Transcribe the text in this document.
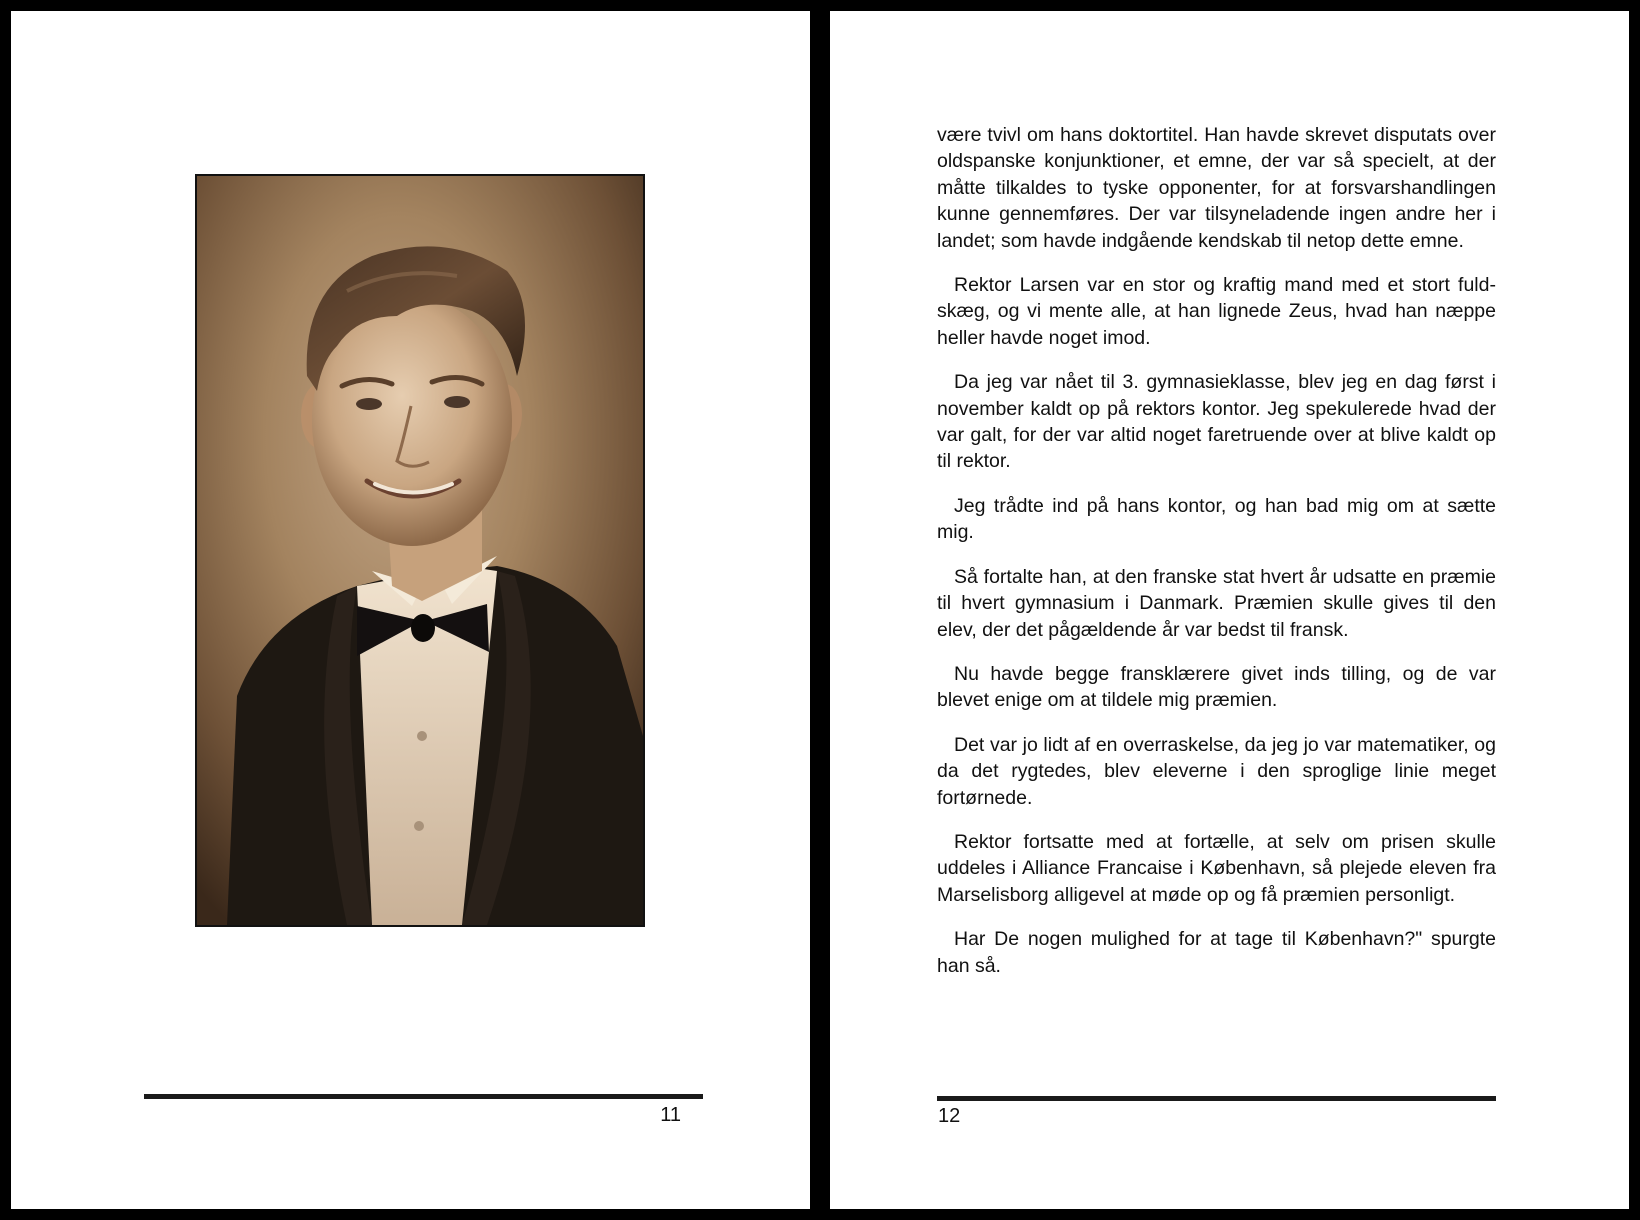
11

være tvivl om hans doktortitel. Han havde skrevet disputats over oldspanske konjunktioner, et emne, der var så specielt, at der måtte tilkaldes to tyske opponenter, for at forsvarshandlingen kunne gennemføres. Der var tilsyneladende ingen andre her i landet; som havde indgående kendskab til netop dette emne.

Rektor Larsen var en stor og kraftig mand med et stort fuldskæg, og vi mente alle, at han lignede Zeus, hvad han næppe heller havde noget imod.

Da jeg var nået til 3. gymnasieklasse, blev jeg en dag først i november kaldt op på rektors kontor. Jeg spekulerede hvad der var galt, for der var altid noget faretruende over at blive kaldt op til rektor.

Jeg trådte ind på hans kontor, og han bad mig om at sætte mig.

Så fortalte han, at den franske stat hvert år udsatte en præmie til hvert gymnasium i Danmark. Præmien skulle gives til den elev, der det pågældende år var bedst til fransk.

Nu havde begge fransklærere givet inds tilling, og de var blevet enige om at tildele mig præmien.

Det var jo lidt af en overraskelse, da jeg jo var matematiker, og da det rygtedes, blev eleverne i den sproglige linie meget fortørnede.

Rektor fortsatte med at fortælle, at selv om prisen skulle uddeles i Alliance Francaise i København, så plejede eleven fra Marselisborg alligevel at møde op og få præmien personligt.

Har De nogen mulighed for at tage til København?" spurgte han så.

12
